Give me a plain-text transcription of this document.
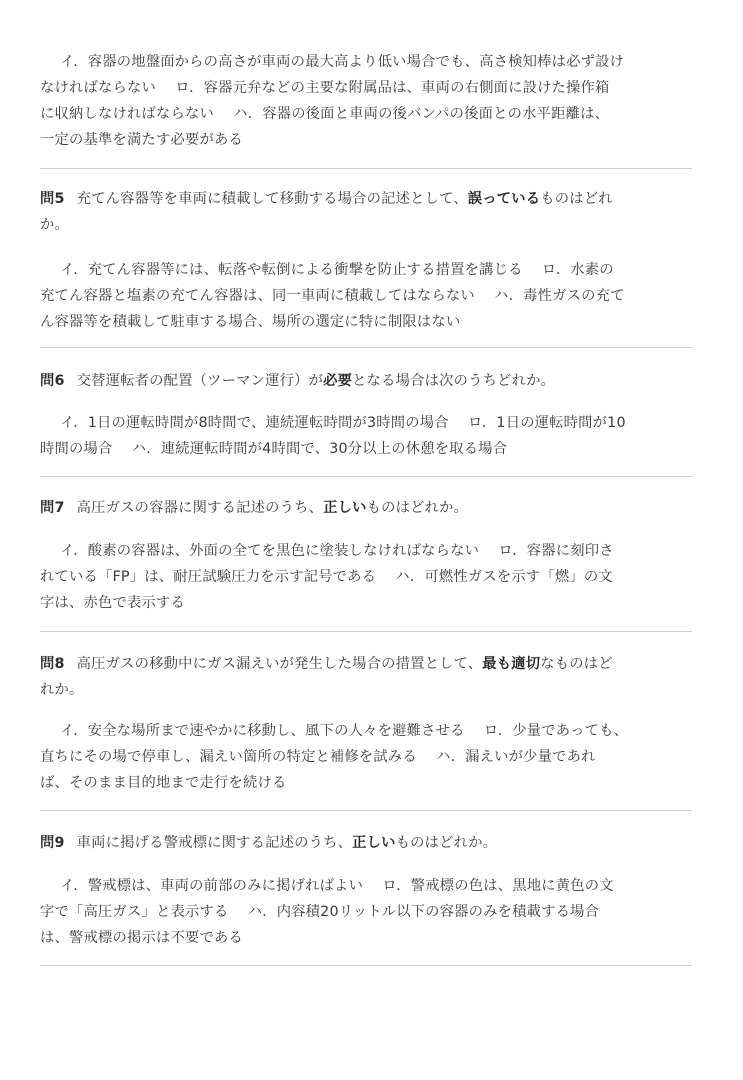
イ．容器の地盤面からの高さが車両の最大高より低い場合でも、高さ検知棒は必ず設け
なければならない　 ロ．容器元弁などの主要な附属品は、車両の右側面に設けた操作箱
に収納しなければならない　 ハ．容器の後面と車両の後バンパの後面との水平距離は、
一定の基準を満たす必要がある
問5 充てん容器等を車両に積載して移動する場合の記述として、誤っているものはどれ
か。
イ．充てん容器等には、転落や転倒による衝撃を防止する措置を講じる　 ロ．水素の
充てん容器と塩素の充てん容器は、同一車両に積載してはならない　 ハ．毒性ガスの充て
ん容器等を積載して駐車する場合、場所の選定に特に制限はない
問6 交替運転者の配置（ツーマン運行）が必要となる場合は次のうちどれか。
イ．1日の運転時間が8時間で、連続運転時間が3時間の場合　 ロ．1日の運転時間が10
時間の場合　 ハ．連続運転時間が4時間で、30分以上の休憩を取る場合
問7 高圧ガスの容器に関する記述のうち、正しいものはどれか。
イ．酸素の容器は、外面の全てを黒色に塗装しなければならない　 ロ．容器に刻印さ
れている「FP」は、耐圧試験圧力を示す記号である　 ハ．可燃性ガスを示す「燃」の文
字は、赤色で表示する
問8 高圧ガスの移動中にガス漏えいが発生した場合の措置として、最も適切なものはど
れか。
イ．安全な場所まで速やかに移動し、風下の人々を避難させる　 ロ．少量であっても、
直ちにその場で停車し、漏えい箇所の特定と補修を試みる　 ハ．漏えいが少量であれ
ば、そのまま目的地まで走行を続ける
問9 車両に掲げる警戒標に関する記述のうち、正しいものはどれか。
イ．警戒標は、車両の前部のみに掲げればよい　 ロ．警戒標の色は、黒地に黄色の文
字で「高圧ガス」と表示する　 ハ．内容積20リットル以下の容器のみを積載する場合
は、警戒標の掲示は不要である
